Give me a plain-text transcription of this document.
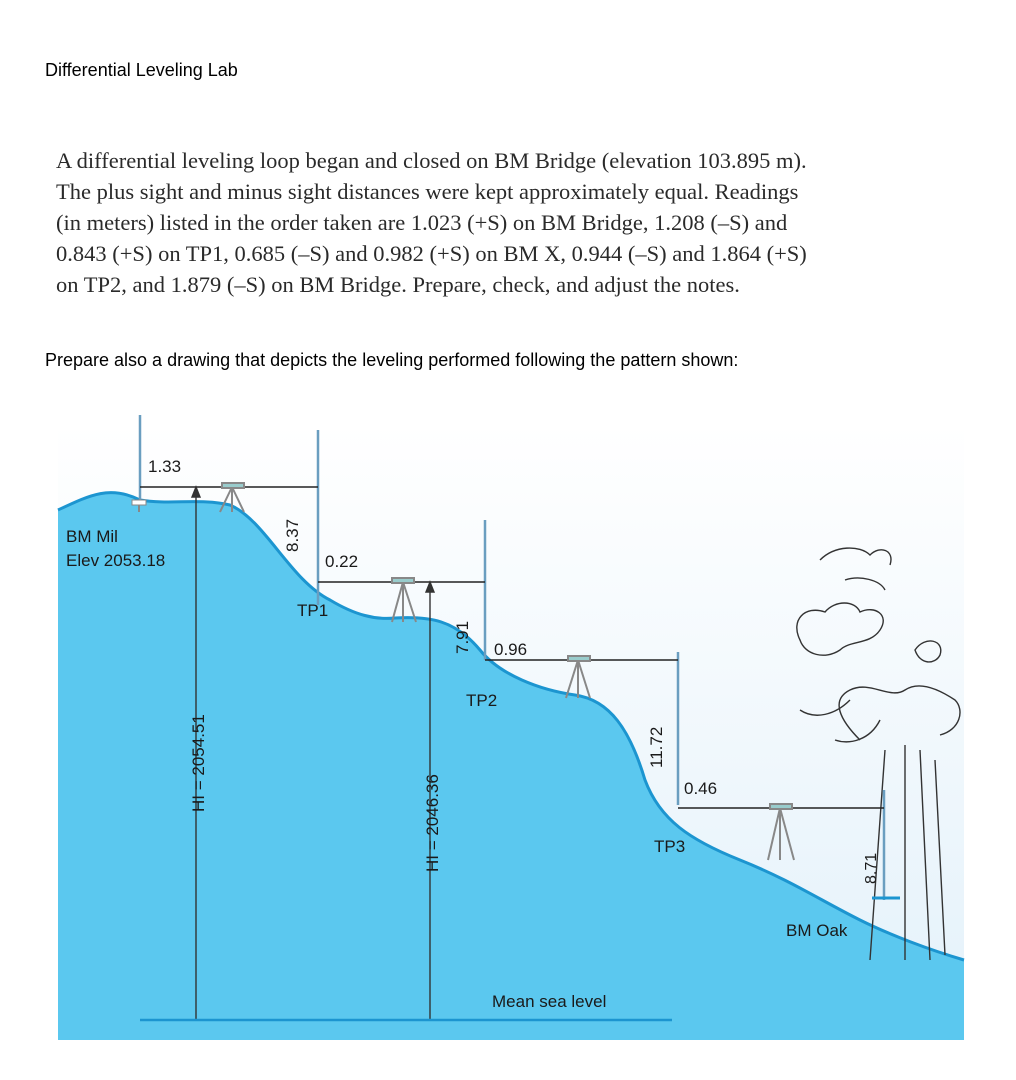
Differential Leveling Lab
A differential leveling loop began and closed on BM Bridge (elevation 103.895 m).
The plus sight and minus sight distances were kept approximately equal. Readings
(in meters) listed in the order taken are 1.023 (+S) on BM Bridge, 1.208 (–S) and
0.843 (+S) on TP1, 0.685 (–S) and 0.982 (+S) on BM X, 0.944 (–S) and 1.864 (+S)
on TP2, and 1.879 (–S) on BM Bridge. Prepare, check, and adjust the notes.
Prepare also a drawing that depicts the leveling performed following the pattern shown:
1.33
BM Mil
Elev 2053.18
8.37
0.22
TP1
7.91 0.96
TP2
11.72
0.46
TP3
8.71
BM Oak
HI = 2054.51
HI = 2046.36
Mean sea level
